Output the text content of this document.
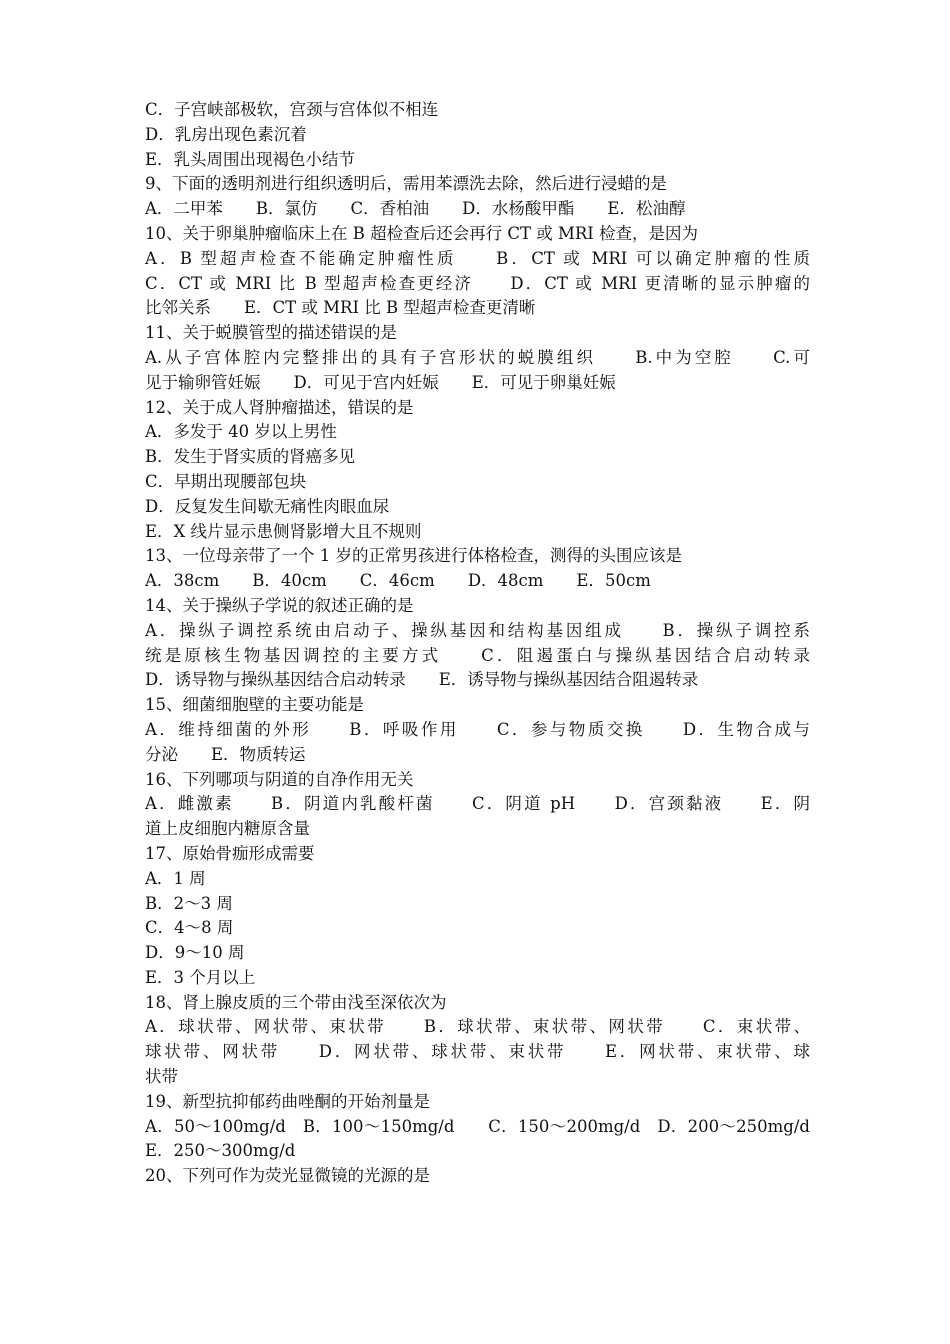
C．子宫峡部极软，宫颈与宫体似不相连
D．乳房出现色素沉着
E．乳头周围出现褐色小结节
9、下面的透明剂进行组织透明后，需用苯漂洗去除，然后进行浸蜡的是
A．二甲苯　　B．氯仿　　C．香柏油　　D．水杨酸甲酯　　E．松油醇
10、关于卵巢肿瘤临床上在 B 超检查后还会再行 CT 或 MRI 检查，是因为
A．B 型超声检查不能确定肿瘤性质　　B．CT 或 MRI 可以确定肿瘤的性质
C．CT 或 MRI 比 B 型超声检查更经济　　D．CT 或 MRI 更清晰的显示肿瘤的
比邻关系　　E．CT 或 MRI 比 B 型超声检查更清晰
11、关于蜕膜管型的描述错误的是
A.从子宫体腔内完整排出的具有子宫形状的蜕膜组织　　B.中为空腔　　C.可
见于输卵管妊娠　　D．可见于宫内妊娠　　E．可见于卵巢妊娠
12、关于成人肾肿瘤描述，错误的是
A．多发于 40 岁以上男性
B．发生于肾实质的肾癌多见
C．早期出现腰部包块
D．反复发生间歇无痛性肉眼血尿
E．X 线片显示患侧肾影增大且不规则
13、一位母亲带了一个 1 岁的正常男孩进行体格检查，测得的头围应该是
A．38cm　　B．40cm　　C．46cm　　D．48cm　　E．50cm
14、关于操纵子学说的叙述正确的是
A．操纵子调控系统由启动子、操纵基因和结构基因组成　　B．操纵子调控系
统是原核生物基因调控的主要方式　　C．阻遏蛋白与操纵基因结合启动转录
D．诱导物与操纵基因结合启动转录　　E．诱导物与操纵基因结合阻遏转录
15、细菌细胞壁的主要功能是
A．维持细菌的外形　　B．呼吸作用　　C．参与物质交换　　D．生物合成与
分泌　　E．物质转运
16、下列哪项与阴道的自净作用无关
A．雌激素　　B．阴道内乳酸杆菌　　C．阴道 pH　　D．宫颈黏液　　E．阴
道上皮细胞内糖原含量
17、原始骨痂形成需要
A．1 周
B．2～3 周
C．4～8 周
D．9～10 周
E．3 个月以上
18、肾上腺皮质的三个带由浅至深依次为
A．球状带、网状带、束状带　　B．球状带、束状带、网状带　　C．束状带、
球状带、网状带　　D．网状带、球状带、束状带　　E．网状带、束状带、球
状带
19、新型抗抑郁药曲唑酮的开始剂量是
A．50～100mg/d　B．100～150mg/d　　C．150～200mg/d　D．200～250mg/d
E．250～300mg/d
20、下列可作为荧光显微镜的光源的是
